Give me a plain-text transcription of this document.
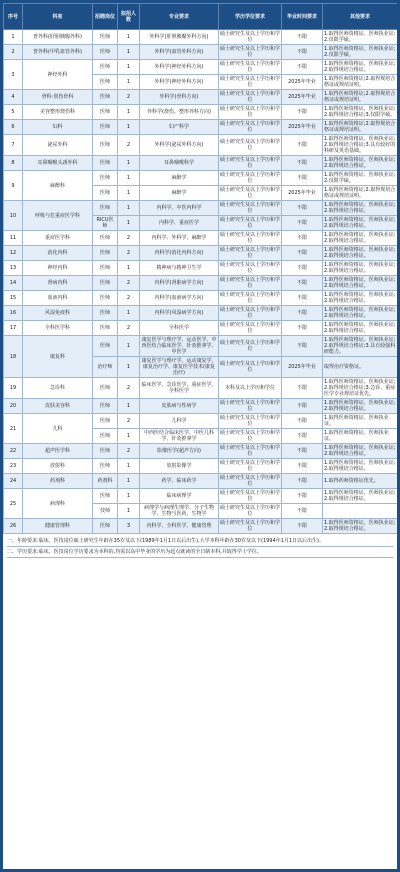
序号	科室	招聘岗位	拟招人数	专业要求	学历学位要求	毕业时间要求	其他要求
1	普外科(肝胆胰腺外科)	医师	1	外科学(肝胆胰腺外科方向)	硕士研究生及以上学历和学位	不限	1.取得医师资格证、医师执业证;2.仅限学硕。
2	普外科(甲乳血管外科)	医师	1	外科学(血管外科方向)	硕士研究生及以上学历和学位	不限	1.取得医师资格证、医师执业证;2.仅限学硕。
3	神经外科	医师	1	外科学(神经外科方向)	硕士研究生及以上学历和学位	不限	1.取得医师资格证、医师执业证;2.取得规培合格证。
		医师	1	外科学(神经外科方向)	硕士研究生及以上学历和学位	2025年毕业	1.取得医师资格证;2.取得规培合格证或规培证明。
4	骨科:创伤骨科	医师	2	外科学(骨科方向)	硕士研究生及以上学历和学位	2025年毕业	1.取得医师资格证;2.取得规培合格证或规培证明。
5	美容整形烧伤科	医师	1	外科学(烧伤、整形外科方向)	硕士研究生及以上学历和学位	不限	1.取得医师资格证、医师执业证;2.取得规培合格证;3.仅限学硕。
6	妇科	医师	1	妇产科学	硕士研究生及以上学历和学位	2025年毕业	1.取得医师资格证;2.取得规培合格证或规培证明。
7	泌尿外科	医师	2	外科学(泌尿外科方向)	硕士研究生及以上学历和学位	不限	1.取得医师资格证、医师执业证;2.取得规培合格证;3.具有较好的科研及英语基础。
8	耳鼻咽喉头颈外科	医师	1	耳鼻咽喉科学	硕士研究生及以上学历和学位	不限	1.取得医师资格证、医师执业证;2.取得规培合格证。
9	麻醉科	医师	1	麻醉学	硕士研究生及以上学历和学位	不限	1.取得医师资格证、医师执业证;2.仅限学硕。
		医师	1	麻醉学	硕士研究生及以上学历和学位	2025年毕业	1.取得医师资格证;2.取得规培合格证或规培证明。
10	呼吸与危重症医学科	医师	1	内科学、中医内科学	硕士研究生及以上学历和学位	不限	1.取得医师资格证、医师执业证;2.取得规培合格证。
		RICU医师	1	内科学、重症医学	硕士研究生及以上学历和学位	不限	1.取得医师资格证、医师执业证;2.取得规培合格证。
11	重症医学科	医师	2	内科学、外科学、麻醉学	硕士研究生及以上学历和学位	不限	1.取得医师资格证、医师执业证;2.取得规培合格证。
12	消化内科	医师	2	内科学(消化内科方向)	硕士研究生及以上学历和学位	不限	1.取得医师资格证、医师执业证;2.取得规培合格证。
13	神经内科	医师	1	精神病与精神卫生学	硕士研究生及以上学历和学位	不限	1.取得医师资格证、医师执业证;2.取得规培合格证。
14	肾病内科	医师	2	内科学(肾脏病学方向)	硕士研究生及以上学历和学位	不限	1.取得医师资格证、医师执业证;2.取得规培合格证。
15	血液内科	医师	2	内科学(血液病学方向)	硕士研究生及以上学历和学位	不限	1.取得医师资格证、医师执业证;2.取得规培合格证。
16	风湿免疫科	医师	1	内科学(风湿病学方向)	硕士研究生及以上学历和学位	不限	1.取得医师资格证、医师执业证;2.取得规培合格证。
17	全科医学科	医师	2	全科医学	硕士研究生及以上学历和学位	不限	1.取得医师资格证、医师执业证;2.取得规培合格证。
18	康复科	医师	1	康复医学与理疗学、运动医学、中西医结合临床医学、针灸推拿学、中医学	硕士研究生及以上学历和学位	不限	1.取得医师资格证、医师执业证;2.取得规培合格证;3.具有较强科研能力。
		治疗师	1	康复医学与理疗学、运动康复学、康复治疗学、康复医学技术(康复治疗)	硕士研究生及以上学历和学位	2025年毕业	取得治疗资格证。
19	急诊科	医师	2	临床医学、急诊医学、重症医学、全科医学	本科及以上学历和学位	不限	1.取得医师资格证、医师执业证;2.取得规培合格证;3.急诊、重症医学专业规培证优先。
20	皮肤美容科	医师	1	皮肤病与性病学	硕士研究生及以上学历和学位	不限	1.取得医师资格证、医师执业证;2.取得规培合格证。
21	儿科	医师	2	儿科学	硕士研究生及以上学历和学位	不限	1.取得医师资格证、医师执业证。
		医师	1	中西医结合临床医学、中医儿科学、针灸推拿学	硕士研究生及以上学历和学位	不限	1.取得医师资格证、医师执业证。
22	超声医学科	医师	2	影像医学(超声方向)	硕士研究生及以上学历和学位	不限	1.取得医师资格证、医师执业证;2.取得规培合格证。
23	放射科	医师	1	放射影像学	硕士研究生及以上学历和学位	不限	1.取得医师资格证、医师执业证;2.取得规培合格证。
24	药剂科	药剂科	1	药学、临床药学	硕士研究生及以上学历和学位	不限	1.取得药师资格证优先。
25	病理科	医师	1	临床病理学	硕士研究生及以上学历和学位	不限	1.取得医师资格证、医师执业证;2.取得规培合格证。
		技师	1	病理学与病理生理学、分子生物学、生物与医药、生物学	硕士研究生及以上学历和学位	不限	
26	健康管理科	医师	3	内科学、全科医学、健康管理	硕士研究生及以上学历和学位	不限	1.取得医师资格证、医师执业证;2.取得规培合格证。
一、年龄要求:临床、医技岗位硕士研究生年龄在35岁及以下(1989年1月1日以后出生),大学本科年龄在30岁及以下(1994年1月1日以后出生)。
二、学历要求:临床、医技岗位学历要求为本科的,均需以高中毕业的学历为起点就读的全日制本科,并取得学士学位。
